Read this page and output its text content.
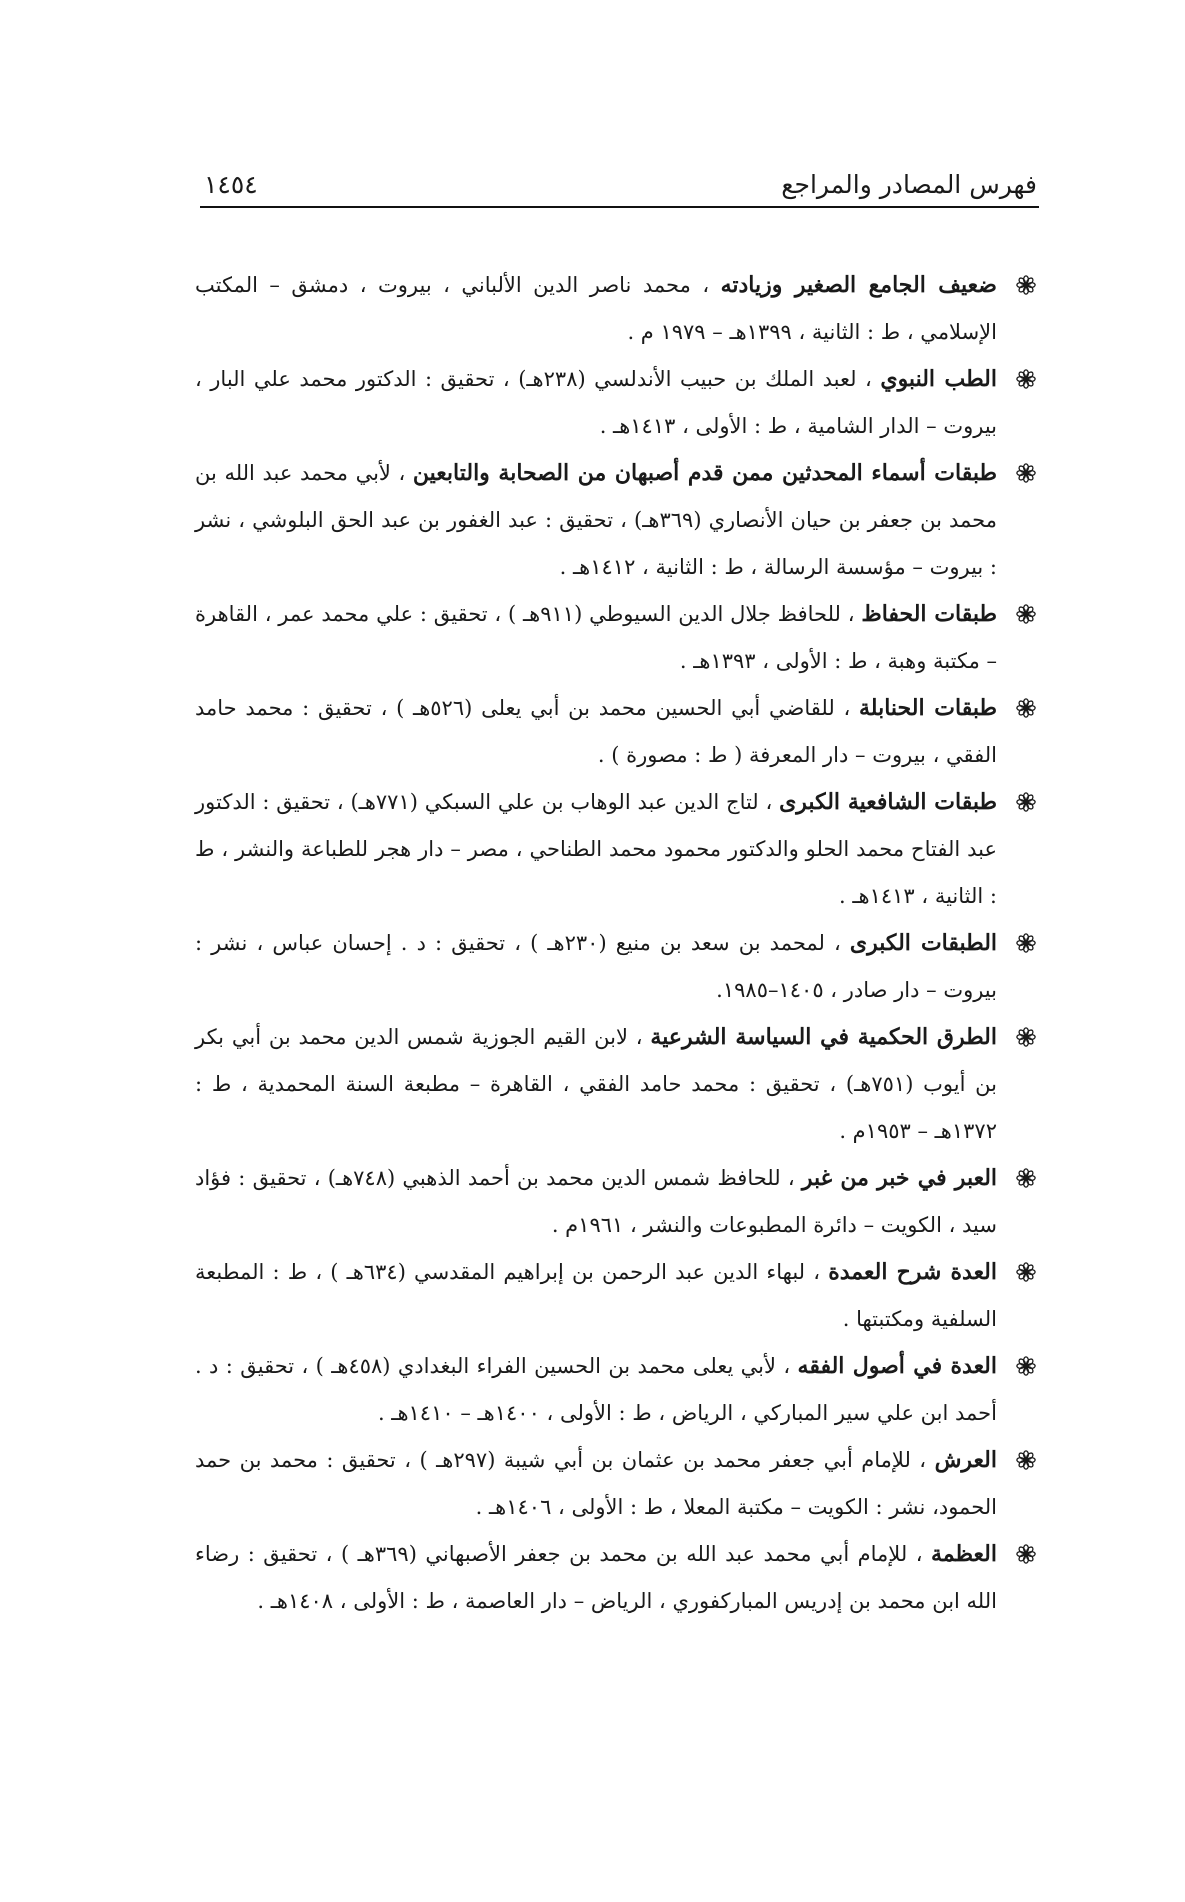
فهرس المصادر والمراجع
١٤٥٤
ضعيف الجامع الصغير وزيادته ، محمد ناصر الدين الألباني ، بيروت ، دمشق – المكتب الإسلامي ، ط : الثانية ، ١٣٩٩هـ – ١٩٧٩ م .
الطب النبوي ، لعبد الملك بن حبيب الأندلسي (٢٣٨هـ) ، تحقيق : الدكتور محمد علي البار ، بيروت – الدار الشامية ، ط : الأولى ، ١٤١٣هـ .
طبقات أسماء المحدثين ممن قدم أصبهان من الصحابة والتابعين ، لأبي محمد عبد الله بن محمد بن جعفر بن حيان الأنصاري (٣٦٩هـ) ، تحقيق : عبد الغفور بن عبد الحق البلوشي ، نشر : بيروت – مؤسسة الرسالة ، ط : الثانية ، ١٤١٢هـ .
طبقات الحفاظ ، للحافظ جلال الدين السيوطي (٩١١هـ ) ، تحقيق : علي محمد عمر ، القاهرة – مكتبة وهبة ، ط : الأولى ، ١٣٩٣هـ .
طبقات الحنابلة ، للقاضي أبي الحسين محمد بن أبي يعلى (٥٢٦هـ ) ، تحقيق : محمد حامد الفقي ، بيروت – دار المعرفة ( ط : مصورة ) .
طبقات الشافعية الكبرى ، لتاج الدين عبد الوهاب بن علي السبكي (٧٧١هـ) ، تحقيق : الدكتور عبد الفتاح محمد الحلو والدكتور محمود محمد الطناحي ، مصر – دار هجر للطباعة والنشر ، ط : الثانية ، ١٤١٣هـ .
الطبقات الكبرى ، لمحمد بن سعد بن منيع (٢٣٠هـ ) ، تحقيق : د . إحسان عباس ، نشر : بيروت – دار صادر ، ١٤٠٥–١٩٨٥.
الطرق الحكمية في السياسة الشرعية ، لابن القيم الجوزية شمس الدين محمد بن أبي بكر بن أيوب (٧٥١هـ) ، تحقيق : محمد حامد الفقي ، القاهرة – مطبعة السنة المحمدية ، ط : ١٣٧٢هـ – ١٩٥٣م .
العبر في خبر من غبر ، للحافظ شمس الدين محمد بن أحمد الذهبي (٧٤٨هـ) ، تحقيق : فؤاد سيد ، الكويت – دائرة المطبوعات والنشر ، ١٩٦١م .
العدة شرح العمدة ، لبهاء الدين عبد الرحمن بن إبراهيم المقدسي (٦٣٤هـ ) ، ط : المطبعة السلفية ومكتبتها .
العدة في أصول الفقه ، لأبي يعلى محمد بن الحسين الفراء البغدادي (٤٥٨هـ ) ، تحقيق : د . أحمد ابن علي سير المباركي ، الرياض ، ط : الأولى ، ١٤٠٠هـ – ١٤١٠هـ .
العرش ، للإمام أبي جعفر محمد بن عثمان بن أبي شيبة (٢٩٧هـ ) ، تحقيق : محمد بن حمد الحمود، نشر : الكويت – مكتبة المعلا ، ط : الأولى ، ١٤٠٦هـ .
العظمة ، للإمام أبي محمد عبد الله بن محمد بن جعفر الأصبهاني (٣٦٩هـ ) ، تحقيق : رضاء الله ابن محمد بن إدريس المباركفوري ، الرياض – دار العاصمة ، ط : الأولى ، ١٤٠٨هـ .
